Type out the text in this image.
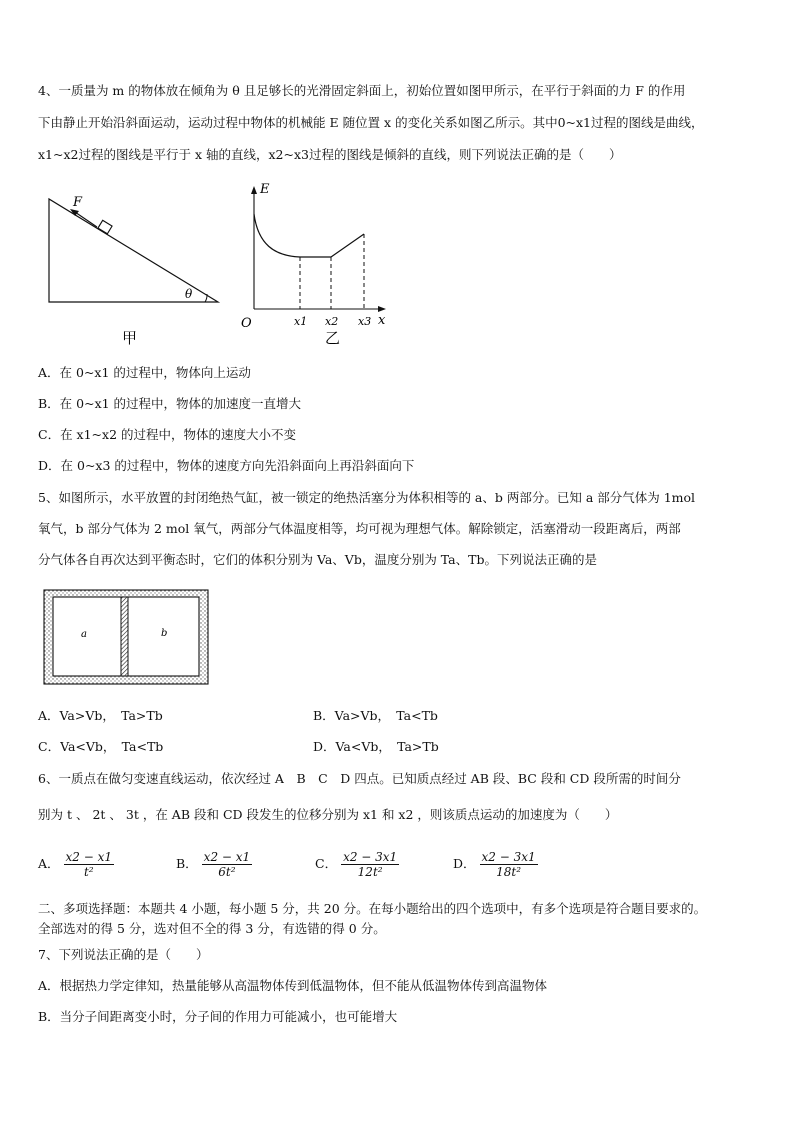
4、一质量为 m 的物体放在倾角为 θ 且足够长的光滑固定斜面上，初始位置如图甲所示，在平行于斜面的力 F 的作用
下由静止开始沿斜面运动，运动过程中物体的机械能 E 随位置 x 的变化关系如图乙所示。其中0~x1过程的图线是曲线，
x1~x2过程的图线是平行于 x 轴的直线，x2~x3过程的图线是倾斜的直线，则下列说法正确的是（　　）
F
θ
甲
E
x
O	x1 x2 x3
乙
A．在 0~x1 的过程中，物体向上运动
B．在 0~x1 的过程中，物体的加速度一直增大
C．在 x1~x2 的过程中，物体的速度大小不变
D．在 0~x3 的过程中，物体的速度方向先沿斜面向上再沿斜面向下
5、如图所示，水平放置的封闭绝热气缸，被一锁定的绝热活塞分为体积相等的 a、b 两部分。已知 a 部分气体为 1mol
氧气，b 部分气体为 2 mol 氧气，两部分气体温度相等，均可视为理想气体。解除锁定，活塞滑动一段距离后，两部
分气体各自再次达到平衡态时，它们的体积分别为 Va、Vb，温度分别为 Ta、Tb。下列说法正确的是
a	b
A．Va>Vb，　Ta>Tb	B．Va>Vb，　Ta<Tb
C．Va<Vb，　Ta<Tb	D．Va<Vb，　Ta>Tb
6、一质点在做匀变速直线运动，依次经过 A　B　C　D 四点。已知质点经过 AB 段、BC 段和 CD 段所需的时间分
别为 t 、 2t 、 3t ，在 AB 段和 CD 段发生的位移分别为 x1 和 x2 ，则该质点运动的加速度为（　　）
A． $\frac{x2 - x1}{\text{t²}}$	B． $\frac{x2 - x1}{\text{6t²}}$	C． $\frac{x2 - 3x1}{\text{12t²}}$	D． $\frac{x2 - 3x1}{\text{18t²}}$
二、多项选择题：本题共 4 小题，每小题 5 分，共 20 分。在每小题给出的四个选项中，有多个选项是符合题目要求的。
全部选对的得 5 分，选对但不全的得 3 分，有选错的得 0 分。
7、下列说法正确的是（　　）
A．根据热力学定律知，热量能够从高温物体传到低温物体，但不能从低温物体传到高温物体
B．当分子间距离变小时，分子间的作用力可能减小，也可能增大
